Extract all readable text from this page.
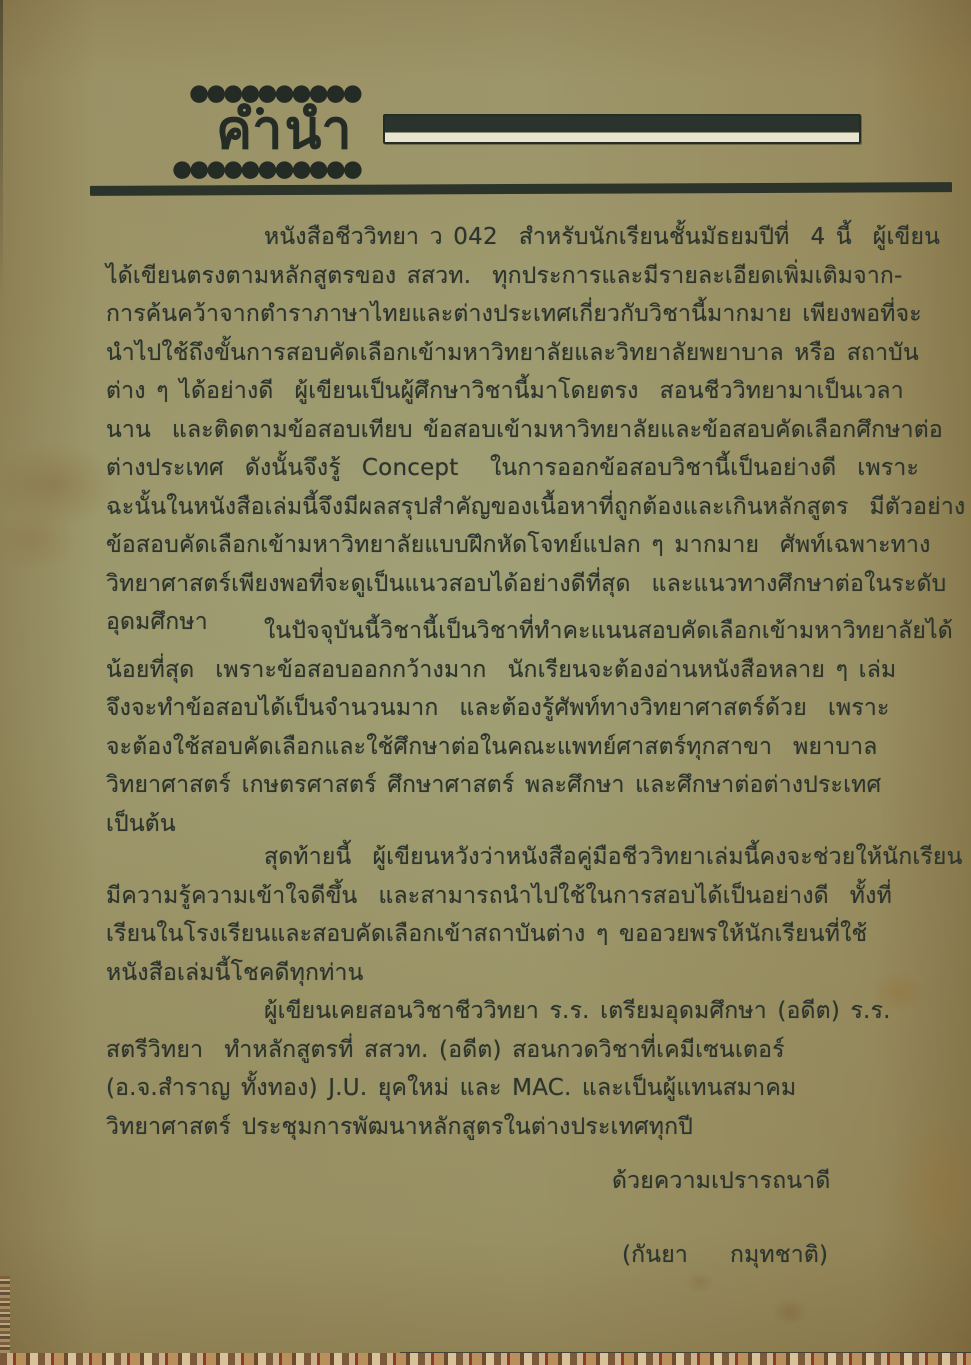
●●●●●●●●●●
คำนำ
●●●●●●●●●●●
หนังสือชีววิทยา ว 042  สำหรับนักเรียนชั้นมัธยมปีที่  4 นี้  ผู้เขียน
ได้เขียนตรงตามหลักสูตรของ สสวท.  ทุกประการและมีรายละเอียดเพิ่มเติมจาก-
การค้นคว้าจากตำราภาษาไทยและต่างประเทศเกี่ยวกับวิชานี้มากมาย เพียงพอที่จะ
นำไปใช้ถึงขั้นการสอบคัดเลือกเข้ามหาวิทยาลัยและวิทยาลัยพยาบาล หรือ สถาบัน
ต่าง ๆ ได้อย่างดี  ผู้เขียนเป็นผู้ศึกษาวิชานี้มาโดยตรง  สอนชีววิทยามาเป็นเวลา
นาน  และติดตามข้อสอบเทียบ ข้อสอบเข้ามหาวิทยาลัยและข้อสอบคัดเลือกศึกษาต่อ
ต่างประเทศ  ดังนั้นจึงรู้  Concept   ในการออกข้อสอบวิชานี้เป็นอย่างดี  เพราะ
ฉะนั้นในหนังสือเล่มนี้จึงมีผลสรุปสำคัญของเนื้อหาที่ถูกต้องและเกินหลักสูตร  มีตัวอย่าง
ข้อสอบคัดเลือกเข้ามหาวิทยาลัยแบบฝึกหัดโจทย์แปลก ๆ มากมาย  ศัพท์เฉพาะทาง
วิทยาศาสตร์เพียงพอที่จะดูเป็นแนวสอบได้อย่างดีที่สุด  และแนวทางศึกษาต่อในระดับ
อุดมศึกษา	ในปัจจุบันนี้วิชานี้เป็นวิชาที่ทำคะแนนสอบคัดเลือกเข้ามหาวิทยาลัยได้
น้อยที่สุด  เพราะข้อสอบออกกว้างมาก  นักเรียนจะต้องอ่านหนังสือหลาย ๆ เล่ม
จึงจะทำข้อสอบได้เป็นจำนวนมาก  และต้องรู้ศัพท์ทางวิทยาศาสตร์ด้วย  เพราะ
จะต้องใช้สอบคัดเลือกและใช้ศึกษาต่อในคณะแพทย์ศาสตร์ทุกสาขา  พยาบาล
วิทยาศาสตร์ เกษตรศาสตร์ ศึกษาศาสตร์ พละศึกษา และศึกษาต่อต่างประเทศ
เป็นต้น
สุดท้ายนี้  ผู้เขียนหวังว่าหนังสือคู่มือชีววิทยาเล่มนี้คงจะช่วยให้นักเรียน
มีความรู้ความเข้าใจดีขึ้น  และสามารถนำไปใช้ในการสอบได้เป็นอย่างดี  ทั้งที่
เรียนในโรงเรียนและสอบคัดเลือกเข้าสถาบันต่าง ๆ ขออวยพรให้นักเรียนที่ใช้
หนังสือเล่มนี้โชคดีทุกท่าน
ผู้เขียนเคยสอนวิชาชีววิทยา ร.ร. เตรียมอุดมศึกษา (อดีต) ร.ร.
สตรีวิทยา  ทำหลักสูตรที่ สสวท. (อดีต) สอนกวดวิชาที่เคมีเซนเตอร์
(อ.จ.สำราญ ทั้งทอง) J.U. ยุคใหม่ และ MAC. และเป็นผู้แทนสมาคม
วิทยาศาสตร์ ประชุมการพัฒนาหลักสูตรในต่างประเทศทุกปี
ด้วยความเปรารถนาดี
(กันยา    กมุทชาติ)
